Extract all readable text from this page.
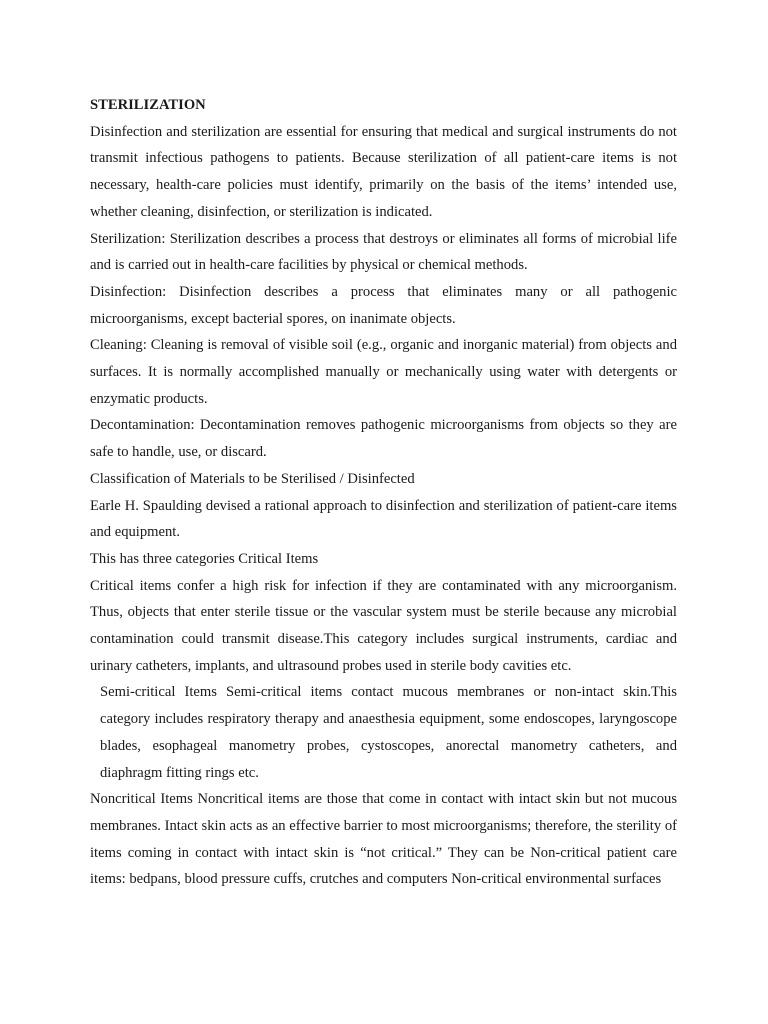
STERILIZATION

Disinfection and sterilization are essential for ensuring that medical and surgical instruments do not transmit infectious pathogens to patients. Because sterilization of all patient-care items is not necessary, health-care policies must identify, primarily on the basis of the items’ intended use, whether cleaning, disinfection, or sterilization is indicated.

Sterilization: Sterilization describes a process that destroys or eliminates all forms of microbial life and is carried out in health-care facilities by physical or chemical methods.

Disinfection: Disinfection describes a process that eliminates many or all pathogenic microorganisms, except bacterial spores, on inanimate objects.

Cleaning: Cleaning is removal of visible soil (e.g., organic and inorganic material) from objects and surfaces. It is normally accomplished manually or mechanically using water with detergents or enzymatic products.

Decontamination: Decontamination removes pathogenic microorganisms from objects so they are safe to handle, use, or discard.

Classification of Materials to be Sterilised / Disinfected

Earle H. Spaulding devised a rational approach to disinfection and sterilization of patient-care items and equipment.

This has three categories Critical Items

Critical items confer a high risk for infection if they are contaminated with any microorganism. Thus, objects that enter sterile tissue or the vascular system must be sterile because any microbial contamination could transmit disease.This category includes surgical instruments, cardiac and urinary catheters, implants, and ultrasound probes used in sterile body cavities etc.

Semi-critical Items Semi-critical items contact mucous membranes or non-intact skin.This category includes respiratory therapy and anaesthesia equipment, some endoscopes, laryngoscope blades, esophageal manometry probes, cystoscopes, anorectal manometry catheters, and diaphragm fitting rings etc.

Noncritical Items Noncritical items are those that come in contact with intact skin but not mucous membranes. Intact skin acts as an effective barrier to most microorganisms; therefore, the sterility of items coming in contact with intact skin is “not critical.” They can be Non-critical patient care items: bedpans, blood pressure cuffs, crutches and computers Non-critical environmental surfaces
